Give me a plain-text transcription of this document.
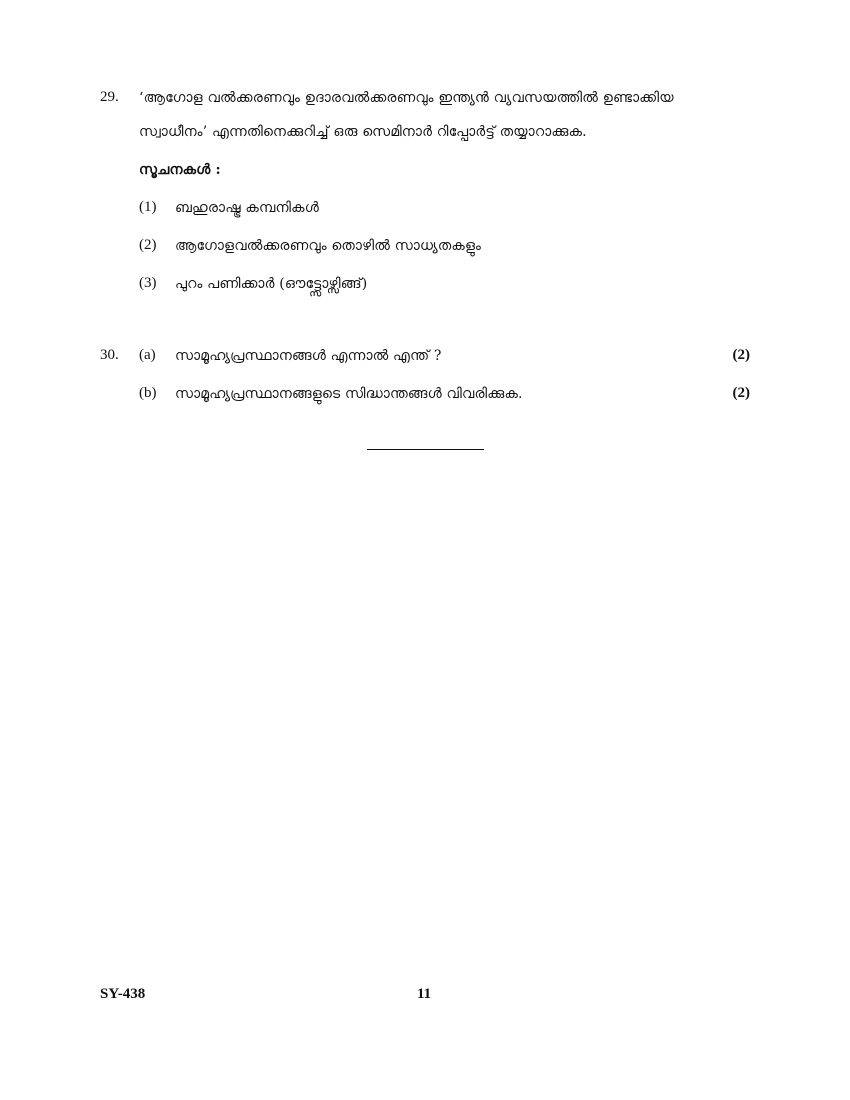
29. ‘ആഗോള വൽക്കരണവും ഉദാരവൽക്കരണവും ഇന്ത്യൻ വ്യവസയത്തിൽ ഉണ്ടാക്കിയ
സ്വാധീനം’ എന്നതിനെക്കുറിച്ച് ഒരു സെമിനാർ റിപ്പോർട്ട് തയ്യാറാക്കുക.
സൂചനകൾ :
(1) ബഹുരാഷ്ട്ര കമ്പനികൾ
(2) ആഗോളവൽക്കരണവും തൊഴിൽ സാധ്യതകളും
(3) പുറം പണിക്കാർ (ഔട്ട്സോഴ്സിങ്ങ്)
30. (a) സാമൂഹ്യപ്രസ്ഥാനങ്ങൾ എന്നാൽ എന്ത് ?	(2)
(b) സാമൂഹ്യപ്രസ്ഥാനങ്ങളുടെ സിദ്ധാന്തങ്ങൾ വിവരിക്കുക.	(2)
SY-438	11
